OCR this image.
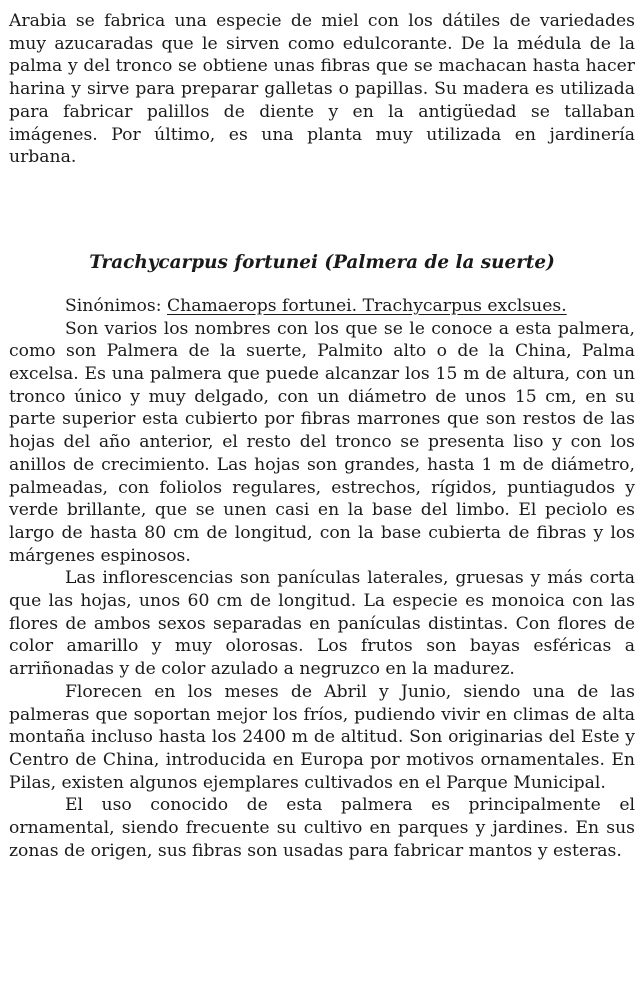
Arabia se fabrica una especie de miel con los dátiles de variedades muy azucaradas que le sirven como edulcorante. De la médula de la palma y del tronco se obtiene unas fibras que se machacan hasta hacer harina y sirve para preparar galletas o papillas. Su madera es utilizada para fabricar palillos de diente y en la antigüedad se tallaban imágenes. Por último, es una planta muy utilizada en jardinería urbana.

Trachycarpus fortunei (Palmera de la suerte)

Sinónimos: Chamaerops fortunei. Trachycarpus exclsues.

Son varios los nombres con los que se le conoce a esta palmera, como son Palmera de la suerte, Palmito alto o de la China, Palma excelsa. Es una palmera que puede alcanzar los 15 m de altura, con un tronco único y muy delgado, con un diámetro de unos 15 cm, en su parte superior esta cubierto por fibras marrones que son restos de las hojas del año anterior, el resto del tronco se presenta liso y con los anillos de crecimiento. Las hojas son grandes, hasta 1 m de diámetro, palmeadas, con foliolos regulares, estrechos, rígidos, puntiagudos y verde brillante, que se unen casi en la base del limbo. El peciolo es largo de hasta 80 cm de longitud, con la base cubierta de fibras y los márgenes espinosos.

Las inflorescencias son panículas laterales, gruesas y más corta que las hojas, unos 60 cm de longitud. La especie es monoica con las flores de ambos sexos separadas en panículas distintas. Con flores de color amarillo y muy olorosas. Los frutos son bayas esféricas a arriñonadas y de color azulado a negruzco en la madurez.

Florecen en los meses de Abril y Junio, siendo una de las palmeras que soportan mejor los fríos, pudiendo vivir en climas de alta montaña incluso hasta los 2400 m de altitud. Son originarias del Este y Centro de China, introducida en Europa por motivos ornamentales. En Pilas, existen algunos ejemplares cultivados en el Parque Municipal.

El uso conocido de esta palmera es principalmente el ornamental, siendo frecuente su cultivo en parques y jardines. En sus zonas de origen, sus fibras son usadas para fabricar mantos y esteras.
